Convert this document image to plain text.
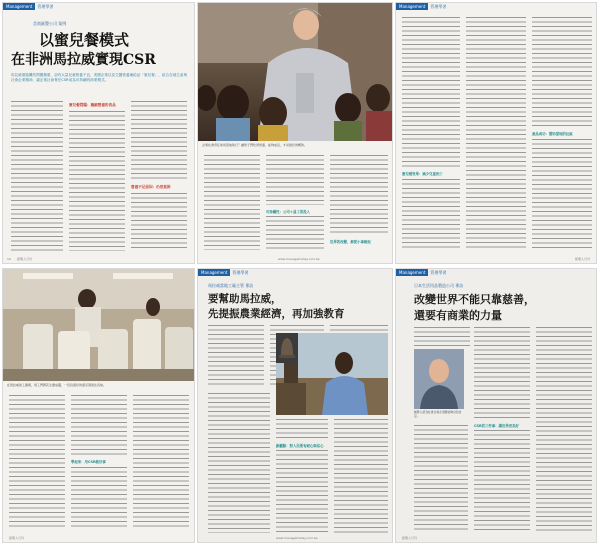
Management 管理學習
美商匯豐公司 案例
以蜜兒餐模式
在非洲馬拉威實現CSR
馬拉威面臨饑荒問題嚴重，卻有大量兒童營養不良，美國企業以花生醬營養補給品「蜜兒餐」，結合在地生產與社會企業精神，讓企業社會責任CSR成為可持續的商業模式。
蜜兒餐問題：濃縮營養的食品
營養不足原因：仍然貧困
10 經理人月刊
企業社會責任如何落地執行？讓孩子們吃得營養、能夠成長，才是最好的幫助。
可持續性：公司＋員工的投入
世界的改變，都從小事做起
www.managertoday.com.tw
Management 管理學習
蜜兒餐效果：減少兒童死亡
產品成功：幫助當地的社區
經理人月刊
在馬拉威的工廠裡，員工們將花生磨成醬，一包包裝好的蜜兒餐送往各地。
學起來：用CSR做好事
經理人月刊
Management 管理學習
馬拉威當地工廠主管 專訪
要幫助馬拉威，
先提振農業經濟，再加強教育
新觀點：對人民要有耐心與信心
www.managertoday.com.tw
Management 管理學習
日本生活用品製造公司 專訪
改變世界不能只靠慈善，
還要有商業的力量
創辦人認為社會企業必須要能夠自給自足。
CSR的三件事：讓世界更美好
經理人月刊
